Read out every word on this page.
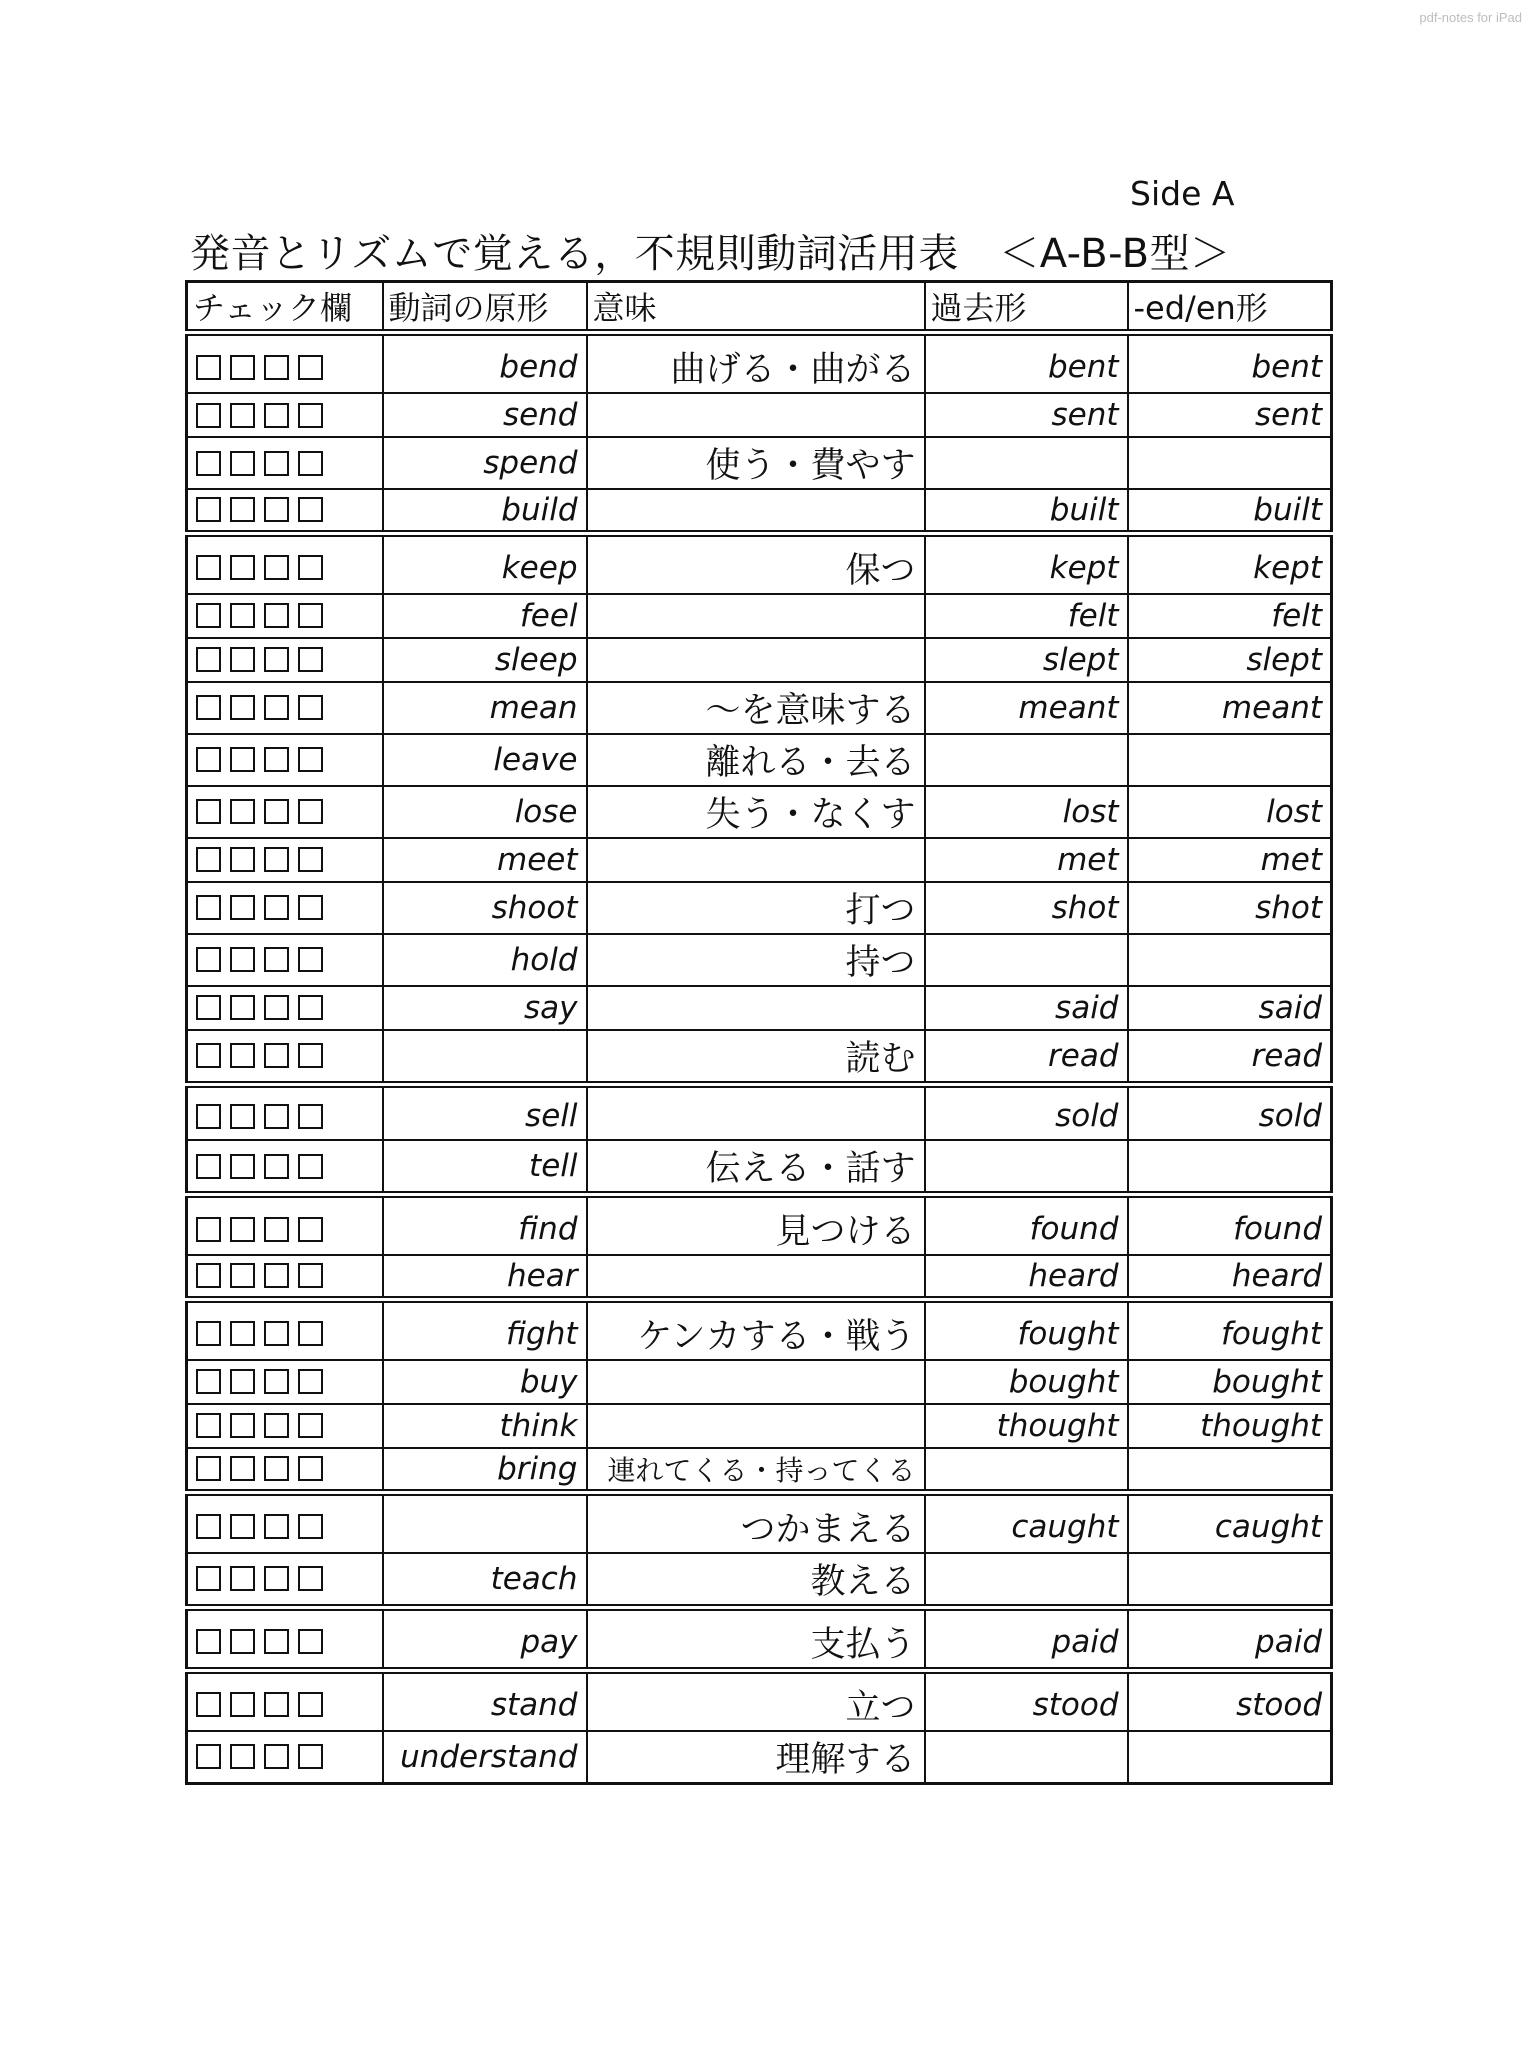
pdf-notes for iPad
Side A
発音とリズムで覚える，不規則動詞活用表　＜A-B-B型＞
チェック欄	動詞の原形	意味	過去形	-ed/en形
	bend	曲げる・曲がる	bent	bent
	send		sent	sent
	spend	使う・費やす		
	build		built	built
	keep	保つ	kept	kept
	feel		felt	felt
	sleep		slept	slept
	mean	～を意味する	meant	meant
	leave	離れる・去る		
	lose	失う・なくす	lost	lost
	meet		met	met
	shoot	打つ	shot	shot
	hold	持つ		
	say		said	said
		読む	read	read
	sell		sold	sold
	tell	伝える・話す		
	find	見つける	found	found
	hear		heard	heard
	fight	ケンカする・戦う	fought	fought
	buy		bought	bought
	think		thought	thought
	bring	連れてくる・持ってくる		
		つかまえる	caught	caught
	teach	教える		
	pay	支払う	paid	paid
	stand	立つ	stood	stood
	understand	理解する		
